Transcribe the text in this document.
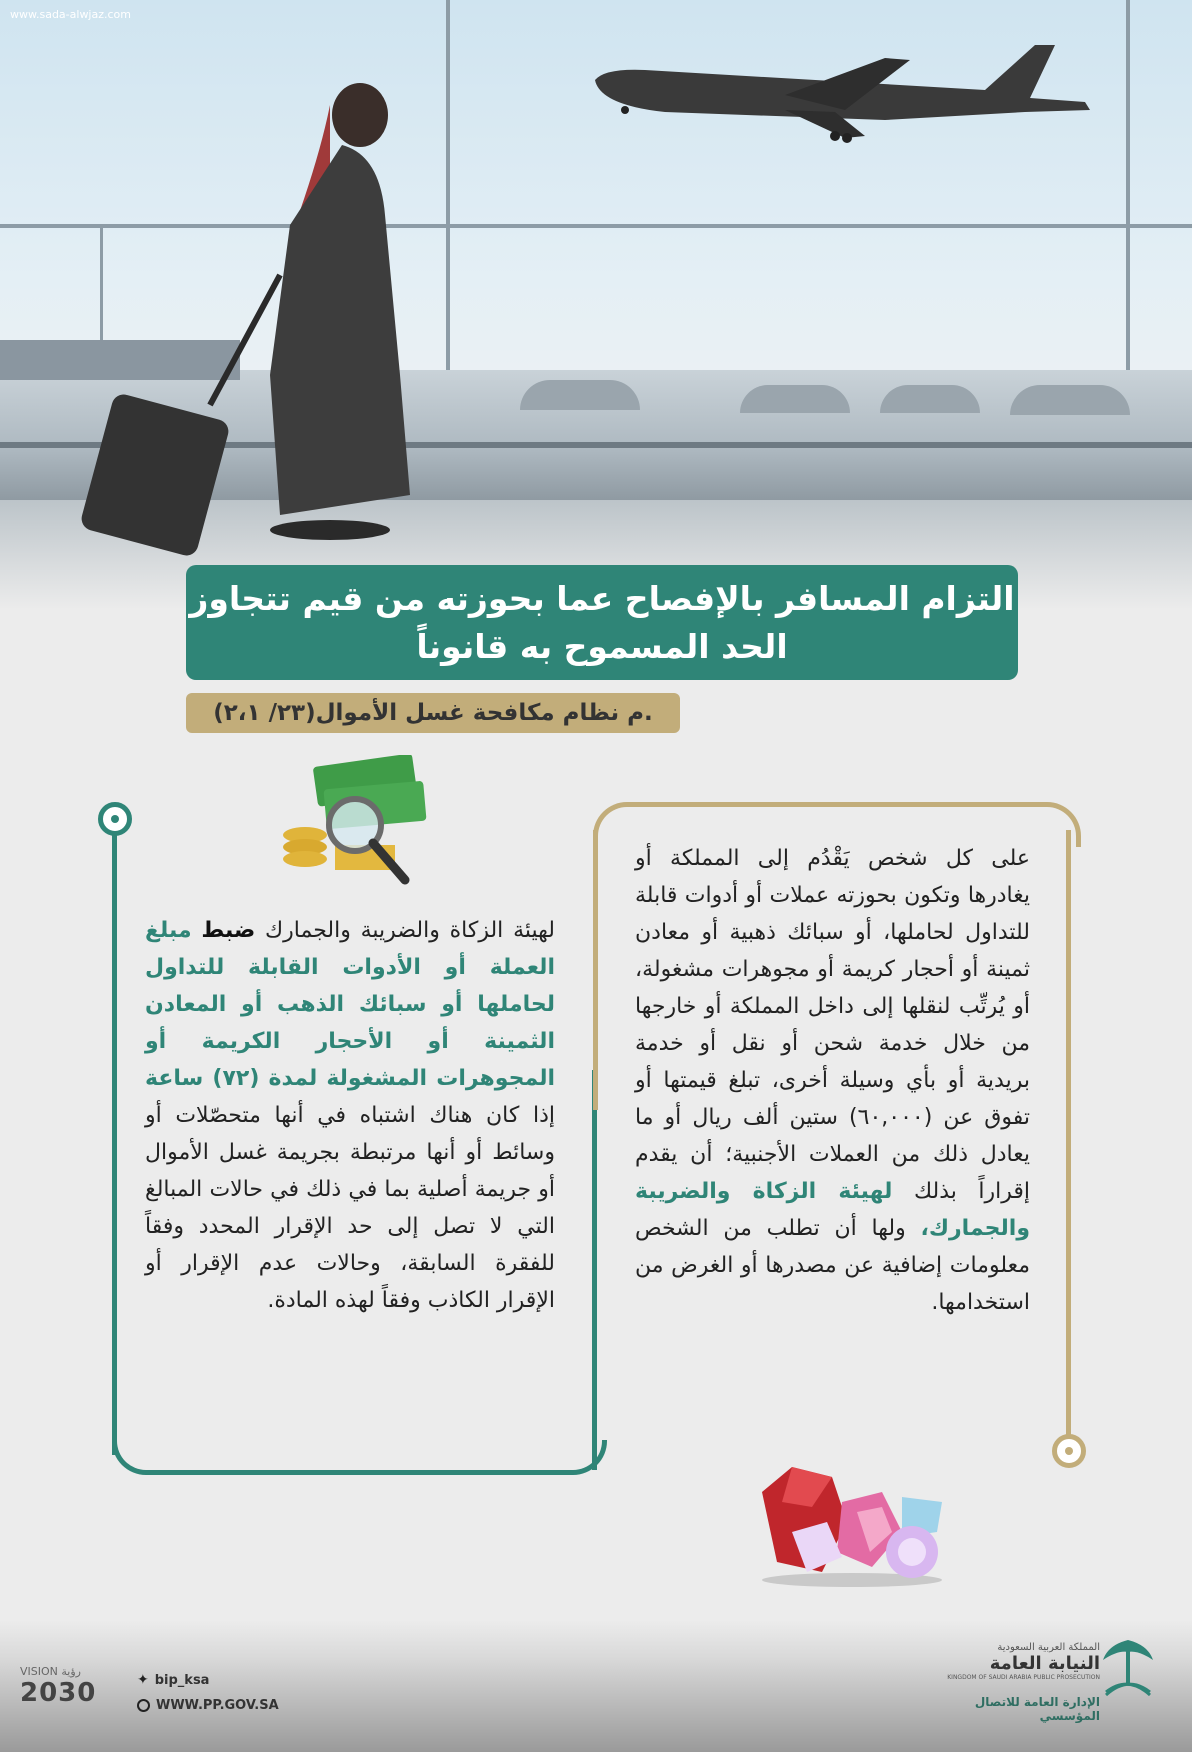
www.sada-alwjaz.com
التزام المسافر بالإفصاح عما بحوزته من قيم تتجاوز
الحد المسموح به قانوناً
(٢٣/ ٢،١)م نظام مكافحة غسل الأموال.
لهيئة الزكاة والضريبة والجمارك ضبط مبلغ العملة أو الأدوات القابلة للتداول لحاملها أو سبائك الذهب أو المعادن الثمينة أو الأحجار الكريمة أو المجوهرات المشغولة لمدة (٧٢) ساعة إذا كان هناك اشتباه في أنها متحصّلات أو وسائط أو أنها مرتبطة بجريمة غسل الأموال أو جريمة أصلية بما في ذلك في حالات المبالغ التي لا تصل إلى حد الإقرار المحدد وفقاً للفقرة السابقة، وحالات عدم الإقرار أو الإقرار الكاذب وفقاً لهذه المادة.
على كل شخص يَقْدُم إلى المملكة أو يغادرها وتكون بحوزته عملات أو أدوات قابلة للتداول لحاملها، أو سبائك ذهبية أو معادن ثمينة أو أحجار كريمة أو مجوهرات مشغولة، أو يُرتِّب لنقلها إلى داخل المملكة أو خارجها من خلال خدمة شحن أو نقل أو خدمة بريدية أو بأي وسيلة أخرى، تبلغ قيمتها أو تفوق عن (٦٠,٠٠٠) ستين ألف ريال أو ما يعادل ذلك من العملات الأجنبية؛ أن يقدم إقراراً بذلك لهيئة الزكاة والضريبة والجمارك، ولها أن تطلب من الشخص معلومات إضافية عن مصدرها أو الغرض من استخدامها.
VISION رؤية
2030	✦ bip_ksa
WWW.PP.GOV.SA
المملكة العربية السعودية
النيابة العامة
KINGDOM OF SAUDI ARABIA PUBLIC PROSECUTION
الإدارة العامة للاتصال المؤسسي
